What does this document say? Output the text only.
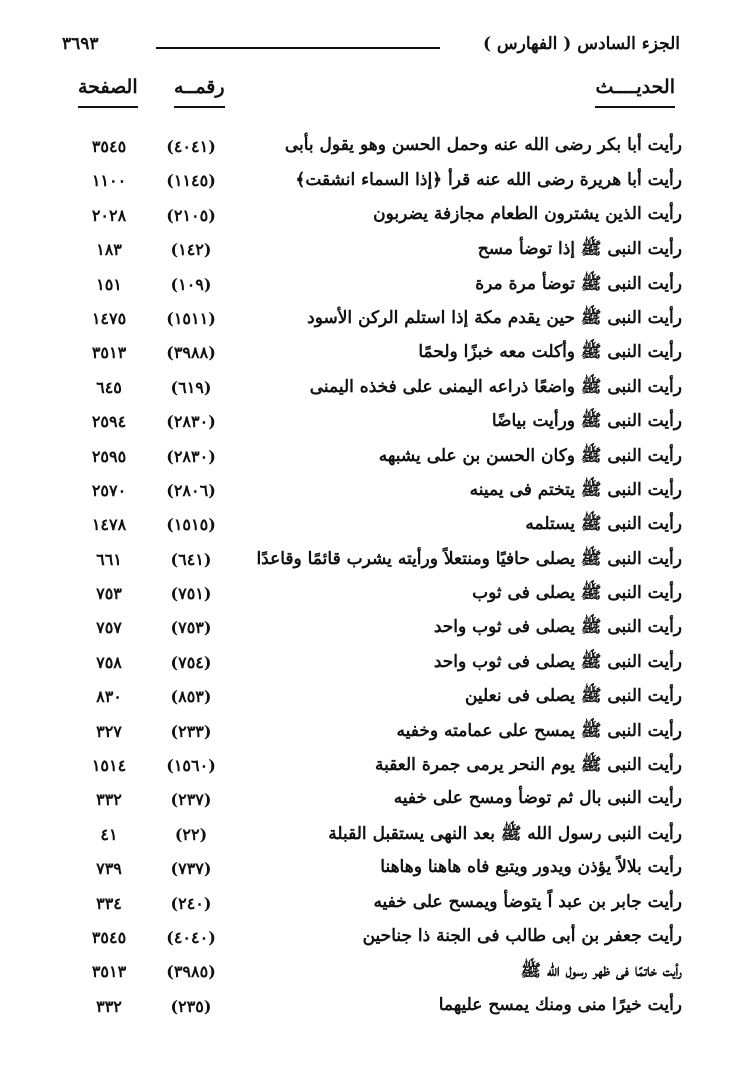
الجزء السادس ( الفهارس )
٣٦٩٣
الحديــــث
رقمــه
الصفحة
رأيت أبا بكر رضى الله عنه وحمل الحسن وهو يقول بأبى
(٤٠٤١)
٣٥٤٥
رأيت أبا هريرة رضى الله عنه قرأ ﴿إذا السماء انشقت﴾
(١١٤٥)
١١٠٠
رأيت الذين يشترون الطعام مجازفة يضربون
(٢١٠٥)
٢٠٢٨
رأيت النبى ﷺ إذا توضأ مسح
(١٤٢)
١٨٣
رأيت النبى ﷺ توضأ مرة مرة
(١٠٩)
١٥١
رأيت النبى ﷺ حين يقدم مكة إذا استلم الركن الأسود
(١٥١١)
١٤٧٥
رأيت النبى ﷺ وأكلت معه خبزًا ولحمًا
(٣٩٨٨)
٣٥١٣
رأيت النبى ﷺ واضعًا ذراعه اليمنى على فخذه اليمنى
(٦١٩)
٦٤٥
رأيت النبى ﷺ ورأيت بياضًا
(٢٨٣٠)
٢٥٩٤
رأيت النبى ﷺ وكان الحسن بن على يشبهه
(٢٨٣٠)
٢٥٩٥
رأيت النبى ﷺ يتختم فى يمينه
(٢٨٠٦)
٢٥٧٠
رأيت النبى ﷺ يستلمه
(١٥١٥)
١٤٧٨
رأيت النبى ﷺ يصلى حافيًا ومنتعلاً ورأيته يشرب قائمًا وقاعدًا
(٦٤١)
٦٦١
رأيت النبى ﷺ يصلى فى ثوب
(٧٥١)
٧٥٣
رأيت النبى ﷺ يصلى فى ثوب واحد
(٧٥٣)
٧٥٧
رأيت النبى ﷺ يصلى فى ثوب واحد
(٧٥٤)
٧٥٨
رأيت النبى ﷺ يصلى فى نعلين
(٨٥٣)
٨٣٠
رأيت النبى ﷺ يمسح على عمامته وخفيه
(٢٣٣)
٣٢٧
رأيت النبى ﷺ يوم النحر يرمى جمرة العقبة
(١٥٦٠)
١٥١٤
رأيت النبى بال ثم توضأ ومسح على خفيه
(٢٣٧)
٣٣٢
رأيت النبى رسول الله ﷺ بعد النهى يستقبل القبلة
(٢٢)
٤١
رأيت بلالاً يؤذن ويدور ويتبع فاه هاهنا وهاهنا
(٧٣٧)
٧٣٩
رأيت جابر بن عبد اً يتوضأ ويمسح على خفيه
(٢٤٠)
٣٣٤
رأيت جعفر بن أبى طالب فى الجنة ذا جناحين
(٤٠٤٠)
٣٥٤٥
رأيت خاتمًا فى ظهر رسول الله ﷺ
(٣٩٨٥)
٣٥١٣
رأيت خيرًا منى ومنك يمسح عليهما
(٢٣٥)
٣٣٢
